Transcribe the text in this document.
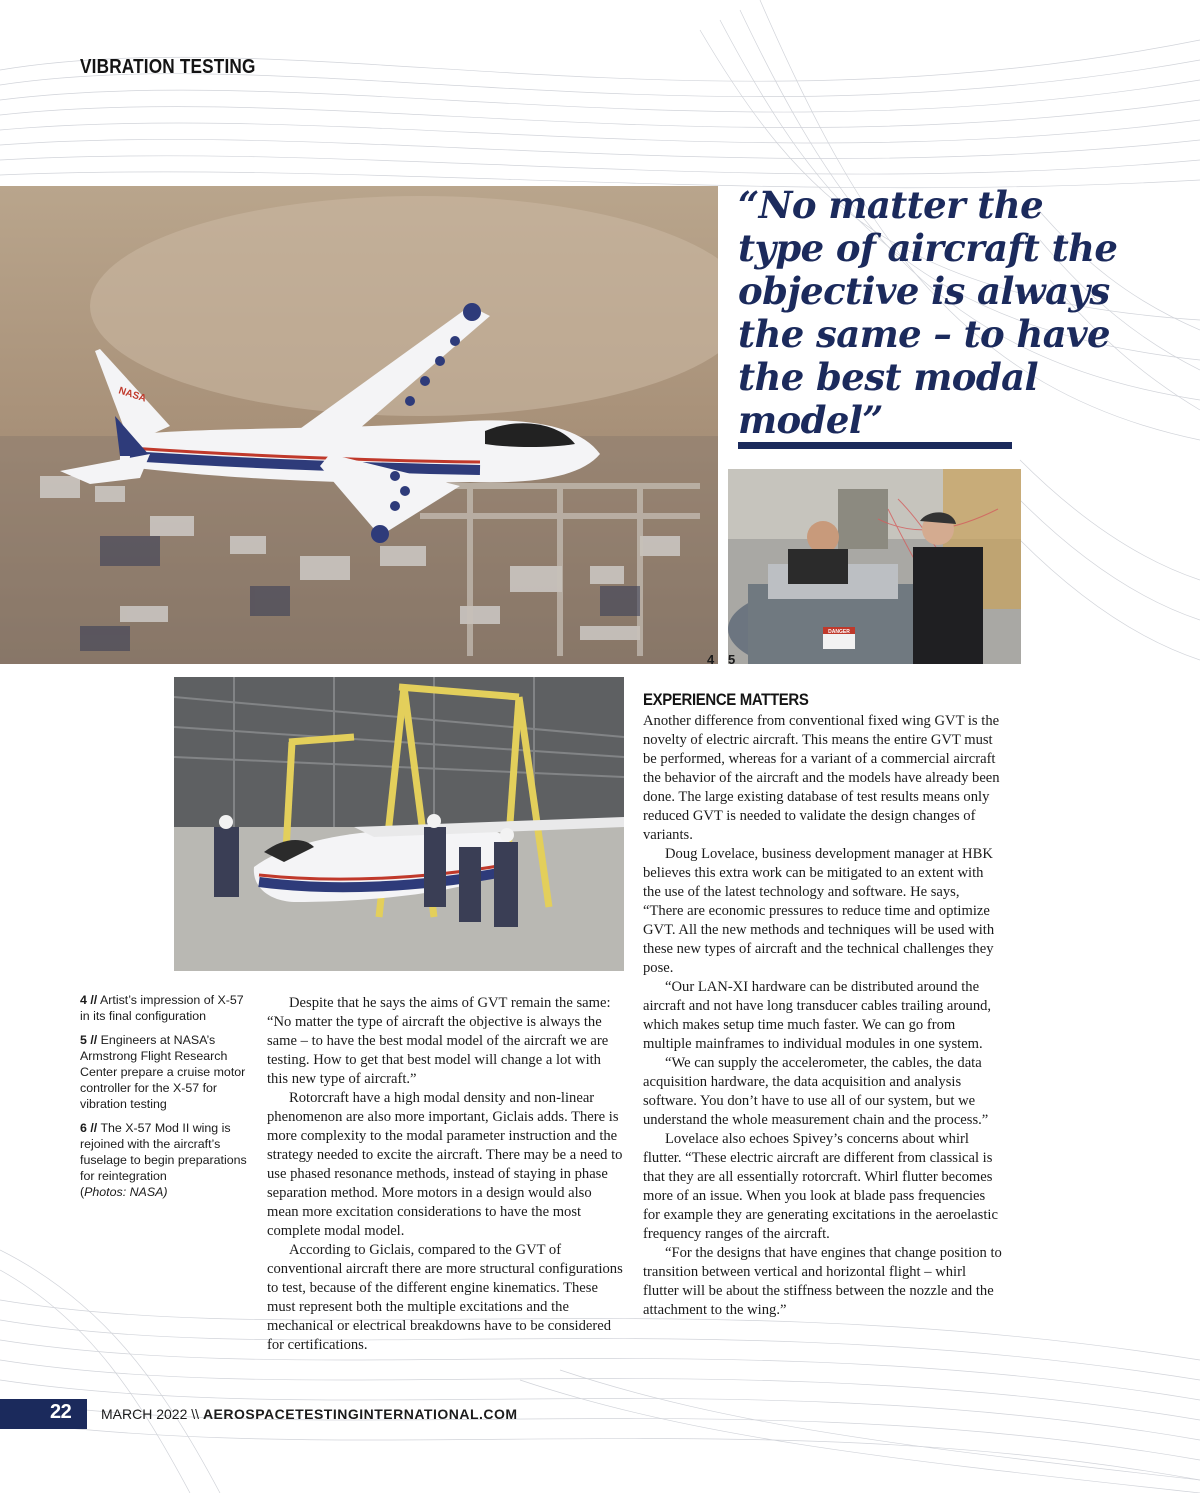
VIBRATION TESTING
NASA
DANGER
4 5
“No matter the type of aircraft the objective is always the same – to have the best modal model”

4 // Artist’s impression of X-57 in its final configuration

5 // Engineers at NASA’s Armstrong Flight Research Center prepare a cruise motor controller for the X-57 for vibration testing

6 // The X-57 Mod II wing is rejoined with the aircraft’s fuselage to begin preparations for reintegration
(Photos: NASA)

Despite that he says the aims of GVT remain the same: “No matter the type of aircraft the objective is always the same – to have the best modal model of the aircraft we are testing. How to get that best model will change a lot with this new type of aircraft.”

Rotorcraft have a high modal density and non-linear phenomenon are also more important, Giclais adds. There is more complexity to the modal parameter instruction and the strategy needed to excite the aircraft. There may be a need to use phased resonance methods, instead of staying in phase separation method. More motors in a design would also mean more excitation considerations to have the most complete modal model.

According to Giclais, compared to the GVT of conventional aircraft there are more structural configurations to test, because of the different engine kinematics. These must represent both the multiple excitations and the mechanical or electrical breakdowns have to be considered for certifications.

EXPERIENCE MATTERS

Another difference from conventional fixed wing GVT is the novelty of electric aircraft. This means the entire GVT must be performed, whereas for a variant of a commercial aircraft the behavior of the aircraft and the models have already been done. The large existing database of test results means only reduced GVT is needed to validate the design changes of variants.

Doug Lovelace, business development manager at HBK believes this extra work can be mitigated to an extent with the use of the latest technology and software. He says, “There are economic pressures to reduce time and optimize GVT. All the new methods and techniques will be used with these new types of aircraft and the technical challenges they pose.

“Our LAN-XI hardware can be distributed around the aircraft and not have long transducer cables trailing around, which makes setup time much faster. We can go from multiple mainframes to individual modules in one system.

“We can supply the accelerometer, the cables, the data acquisition hardware, the data acquisition and analysis software. You don’t have to use all of our system, but we understand the whole measurement chain and the process.”

Lovelace also echoes Spivey’s concerns about whirl flutter. “These electric aircraft are different from classical is that they are all essentially rotorcraft. Whirl flutter becomes more of an issue. When you look at blade pass frequencies for example they are generating excitations in the aeroelastic frequency ranges of the aircraft.

“For the designs that have engines that change position to transition between vertical and horizontal flight – whirl flutter will be about the stiffness between the nozzle and the attachment to the wing.”

22 MARCH 2022 \\ AEROSPACETESTINGINTERNATIONAL.COM
